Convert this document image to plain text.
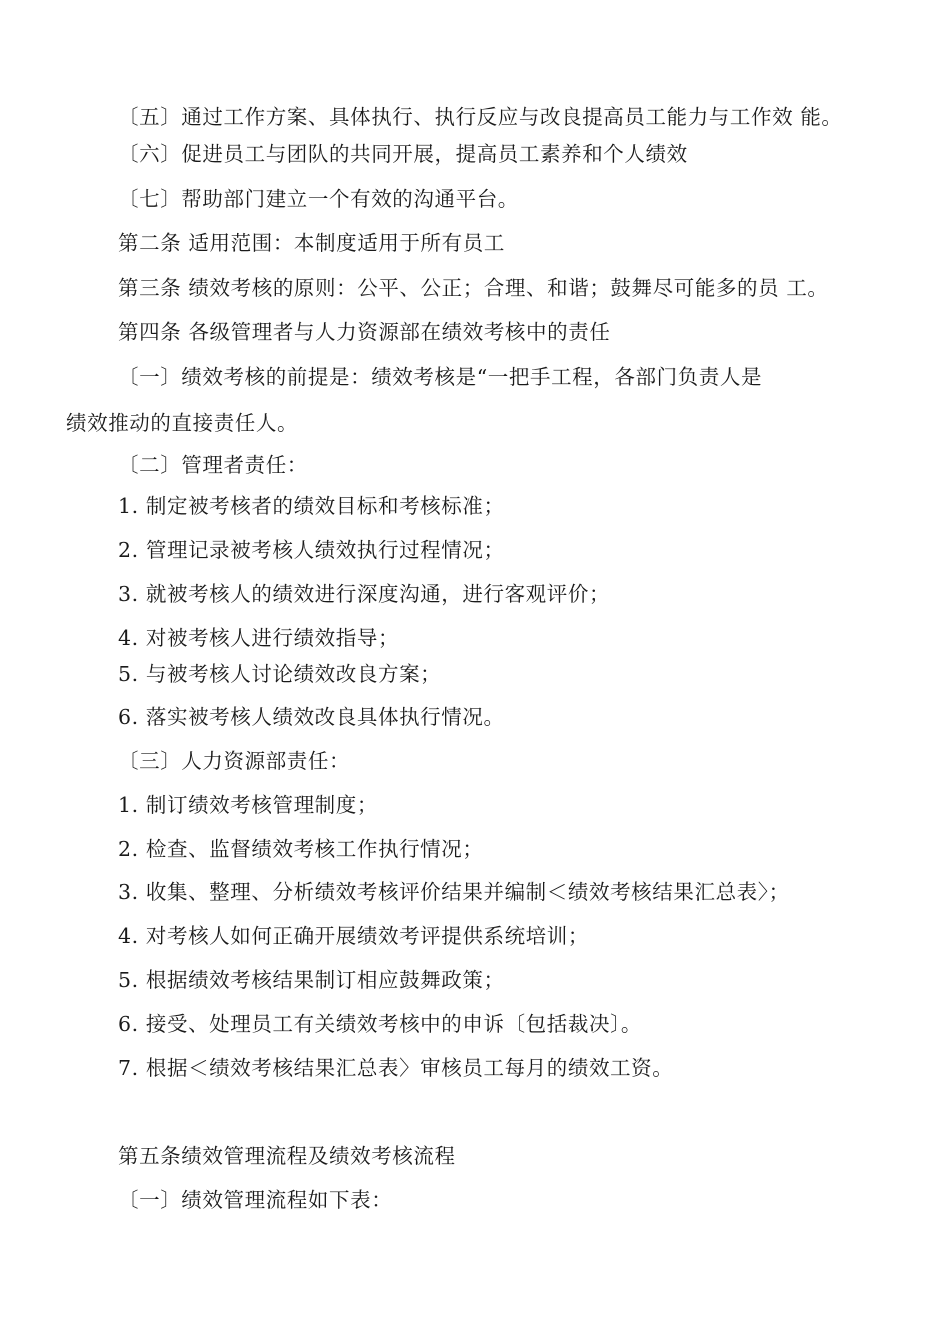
〔五〕通过工作方案、具体执行、执行反应与改良提高员工能力与工作效 能。
〔六〕促进员工与团队的共同开展，提高员工素养和个人绩效
〔七〕帮助部门建立一个有效的沟通平台。
第二条 适用范围：本制度适用于所有员工
第三条 绩效考核的原则：公平、公正；合理、和谐；鼓舞尽可能多的员 工。
第四条 各级管理者与人力资源部在绩效考核中的责任
〔一〕绩效考核的前提是：绩效考核是“一把手工程，各部门负责人是
绩效推动的直接责任人。
〔二〕管理者责任：
1. 制定被考核者的绩效目标和考核标准；
2. 管理记录被考核人绩效执行过程情况；
3. 就被考核人的绩效进行深度沟通，进行客观评价；
4. 对被考核人进行绩效指导；
5. 与被考核人讨论绩效改良方案；
6. 落实被考核人绩效改良具体执行情况。
〔三〕人力资源部责任：
1. 制订绩效考核管理制度；
2. 检查、监督绩效考核工作执行情况；
3. 收集、整理、分析绩效考核评价结果并编制＜绩效考核结果汇总表〉；
4. 对考核人如何正确开展绩效考评提供系统培训；
5. 根据绩效考核结果制订相应鼓舞政策；
6. 接受、处理员工有关绩效考核中的申诉〔包括裁决〕。
7. 根据＜绩效考核结果汇总表〉审核员工每月的绩效工资。
第五条绩效管理流程及绩效考核流程
〔一〕绩效管理流程如下表：
